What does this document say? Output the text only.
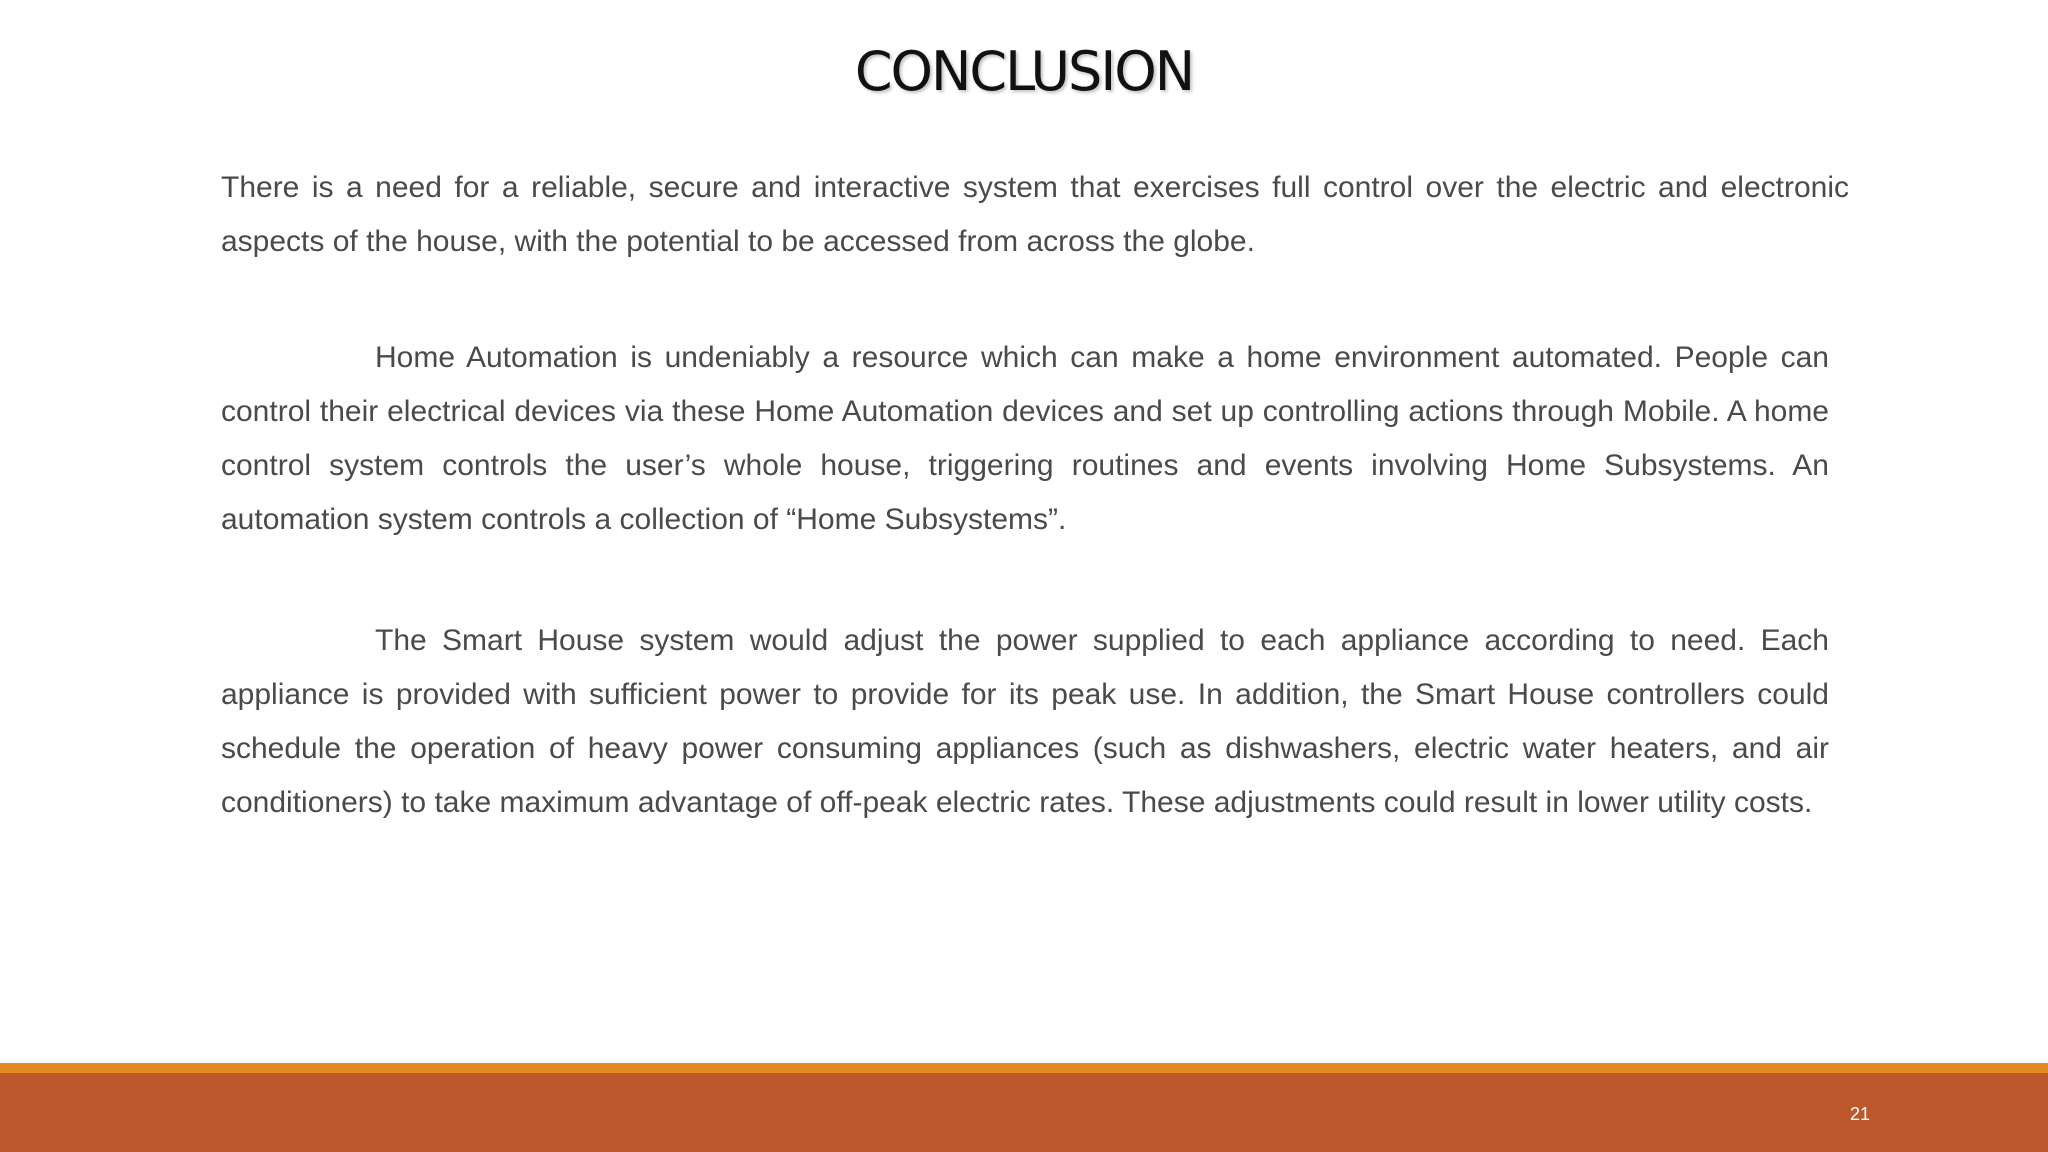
CONCLUSION

There is a need for a reliable, secure and interactive system that exercises full control over the electric and electronic aspects of the house, with the potential to be accessed from across the globe.

Home Automation is undeniably a resource which can make a home environment automated. People can control their electrical devices via these Home Automation devices and set up controlling actions through Mobile. A home control system controls the user’s whole house, triggering routines and events involving Home Subsystems. An automation system controls a collection of “Home Subsystems”.

The Smart House system would adjust the power supplied to each appliance according to need. Each appliance is provided with sufficient power to provide for its peak use. In addition, the Smart House controllers could schedule the operation of heavy power consuming appliances (such as dishwashers, electric water heaters, and air conditioners) to take maximum advantage of off-peak electric rates. These adjustments could result in lower utility costs.

21
